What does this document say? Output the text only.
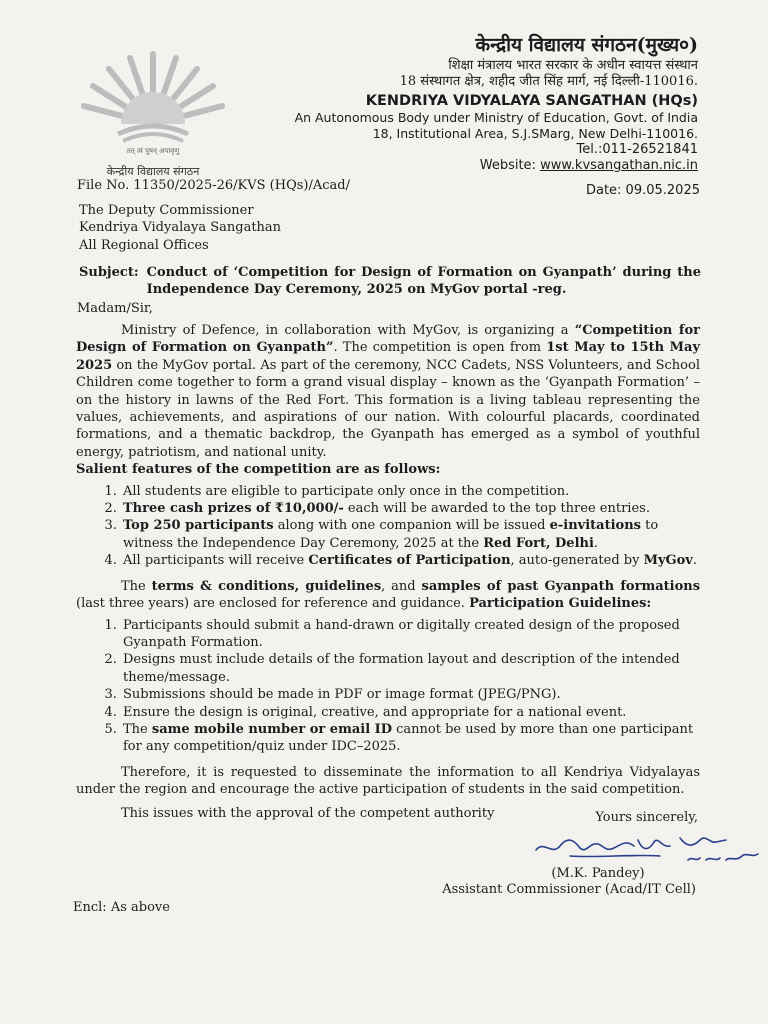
तत् त्वं पूषन् अपावृणु
केन्द्रीय विद्यालय संगठन
केन्द्रीय विद्यालय संगठन(मुख्य०)
शिक्षा मंत्रालय भारत सरकार के अधीन स्वायत्त संस्थान
18 संस्थागत क्षेत्र, शहीद जीत सिंह मार्ग, नई दिल्ली-110016.
KENDRIYA VIDYALAYA SANGATHAN (HQs)
An Autonomous Body under Ministry of Education, Govt. of India
18, Institutional Area, S.J.SMarg, New Delhi-110016.
Tel.:011-26521841
Website: www.kvsangathan.nic.in
File No. 11350/2025-26/KVS (HQs)/Acad/	Date: 09.05.2025
The Deputy Commissioner
Kendriya Vidyalaya Sangathan
All Regional Offices
Subject: Conduct of ‘Competition for Design of Formation on Gyanpath’ during the Independence Day Ceremony, 2025 on MyGov portal -reg.
Madam/Sir,

Ministry of Defence, in collaboration with MyGov, is organizing a “Competition for Design of Formation on Gyanpath”. The competition is open from 1st May to 15th May 2025 on the MyGov portal. As part of the ceremony, NCC Cadets, NSS Volunteers, and School Children come together to form a grand visual display – known as the ‘Gyanpath Formation’ – on the history in lawns of the Red Fort. This formation is a living tableau representing the values, achievements, and aspirations of our nation. With colourful placards, coordinated formations, and a thematic backdrop, the Gyanpath has emerged as a symbol of youthful energy, patriotism, and national unity.

Salient features of the competition are as follows:

1. All students are eligible to participate only once in the competition.
2. Three cash prizes of ₹10,000/- each will be awarded to the top three entries.
3. Top 250 participants along with one companion will be issued e-invitations to witness the Independence Day Ceremony, 2025 at the Red Fort, Delhi.
4. All participants will receive Certificates of Participation, auto-generated by MyGov.

The terms & conditions, guidelines, and samples of past Gyanpath formations (last three years) are enclosed for reference and guidance. Participation Guidelines:

1. Participants should submit a hand-drawn or digitally created design of the proposed Gyanpath Formation.
2. Designs must include details of the formation layout and description of the intended theme/message.
3. Submissions should be made in PDF or image format (JPEG/PNG).
4. Ensure the design is original, creative, and appropriate for a national event.
5. The same mobile number or email ID cannot be used by more than one participant for any competition/quiz under IDC–2025.

Therefore, it is requested to disseminate the information to all Kendriya Vidyalayas under the region and encourage the active participation of students in the said competition.

This issues with the approval of the competent authority	Yours sincerely,
(M.K. Pandey)
Assistant Commissioner (Acad/IT Cell)
Encl: As above
